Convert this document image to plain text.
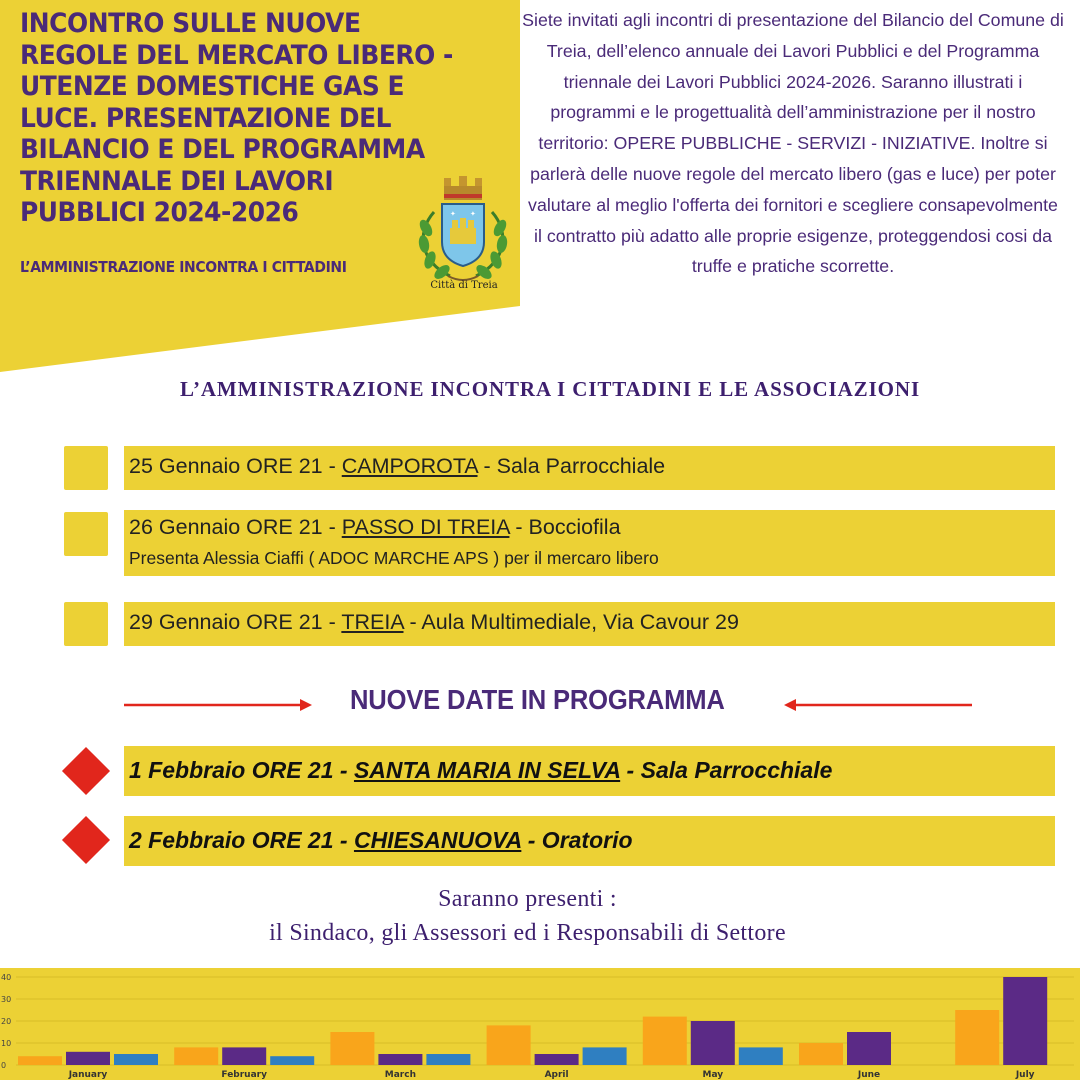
INCONTRO SULLE NUOVE REGOLE DEL MERCATO LIBERO - UTENZE DOMESTICHE GAS E LUCE. PRESENTAZIONE DEL BILANCIO E DEL PROGRAMMA TRIENNALE DEI LAVORI PUBBLICI 2024-2026

L’AMMINISTRAZIONE INCONTRA I CITTADINI

✦ ✦
Città di Treia

Siete invitati agli incontri di presentazione del Bilancio del Comune di Treia, dell’elenco annuale dei Lavori Pubblici e del Programma triennale dei Lavori Pubblici 2024-2026. Saranno illustrati i programmi e le progettualità dell’amministrazione per il nostro territorio: OPERE PUBBLICHE - SERVIZI - INIZIATIVE. Inoltre si parlerà delle nuove regole del mercato libero (gas e luce) per poter valutare al meglio l'offerta dei fornitori e scegliere consapevolmente il contratto più adatto alle proprie esigenze, proteggendosi cosi da truffe e pratiche scorrette.

L’AMMINISTRAZIONE INCONTRA I CITTADINI E LE ASSOCIAZIONI
25 Gennaio ORE 21 - CAMPOROTA - Sala Parrocchiale
26 Gennaio ORE 21 - PASSO DI TREIA - Bocciofila
Presenta Alessia Ciaffi ( ADOC MARCHE APS ) per il mercaro libero
29 Gennaio ORE 21 - TREIA - Aula Multimediale, Via Cavour 29

NUOVE DATE IN PROGRAMMA

1 Febbraio ORE 21 - SANTA MARIA IN SELVA - Sala Parrocchiale
2 Febbraio ORE 21 - CHIESANUOVA - Oratorio
Saranno presenti :
il Sindaco, gli Assessori ed i Responsabili di Settore
0
10
20
30
40
January	February	March	April	May	June	July
